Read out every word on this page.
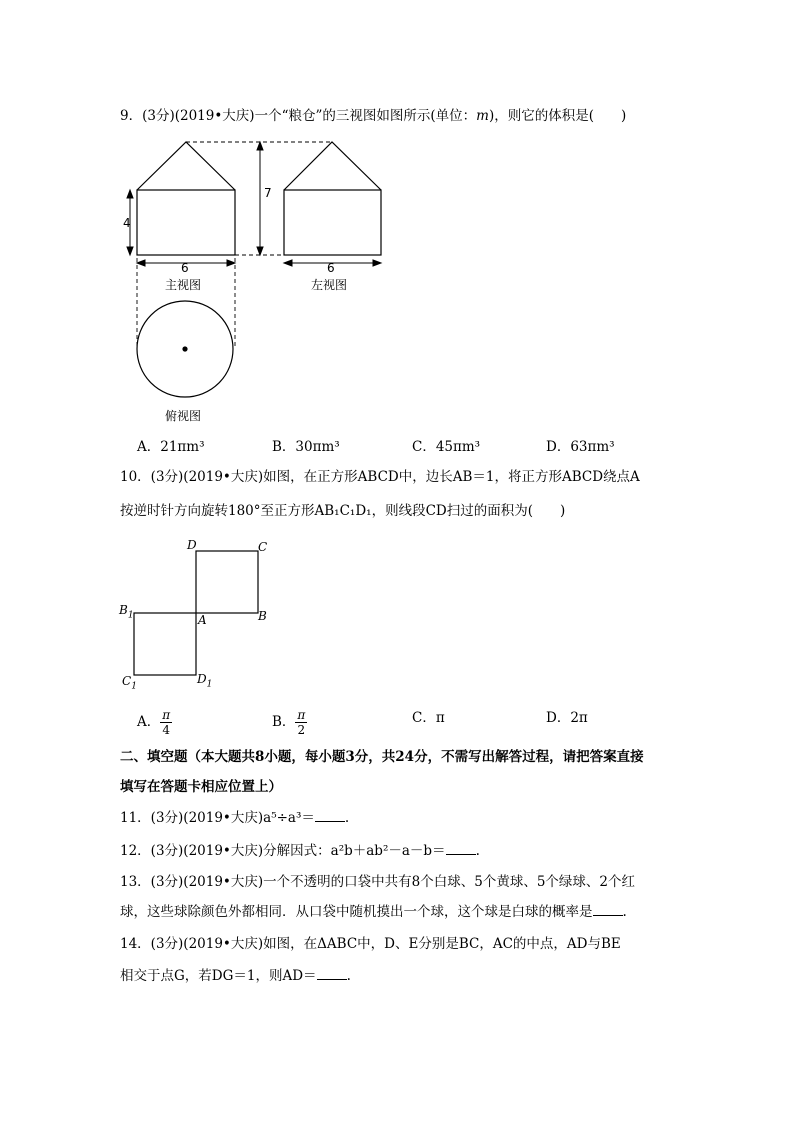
9．(3分)(2019•大庆)一个“粮仓”的三视图如图所示(单位：m)，则它的体积是(　　)
4
7
6	6
主视图	左视图
俯视图
A．21πm³	B．30πm³	C．45πm³	D．63πm³
10．(3分)(2019•大庆)如图，在正方形ABCD中，边长AB＝1，将正方形ABCD绕点A
按逆时针方向旋转180°至正方形AB₁C₁D₁，则线段CD扫过的面积为(　　)
D	C
$B_1$	A	B
$C_1$
$D_1$
A． $\frac{\pi}{4}$	B． $\frac{\pi}{2}$	C．π	D．2π
二、填空题（本大题共8小题，每小题3分，共24分，不需写出解答过程，请把答案直接
填写在答题卡相应位置上）
11．(3分)(2019•大庆)a⁵÷a³＝ .
12．(3分)(2019•大庆)分解因式：a²b＋ab²－a－b＝ .
13．(3分)(2019•大庆)一个不透明的口袋中共有8个白球、5个黄球、5个绿球、2个红
球，这些球除颜色外都相同．从口袋中随机摸出一个球，这个球是白球的概率是 .
14．(3分)(2019•大庆)如图，在ΔABC中，D、E分别是BC，AC的中点，AD与BE
相交于点G，若DG＝1，则AD＝ .
